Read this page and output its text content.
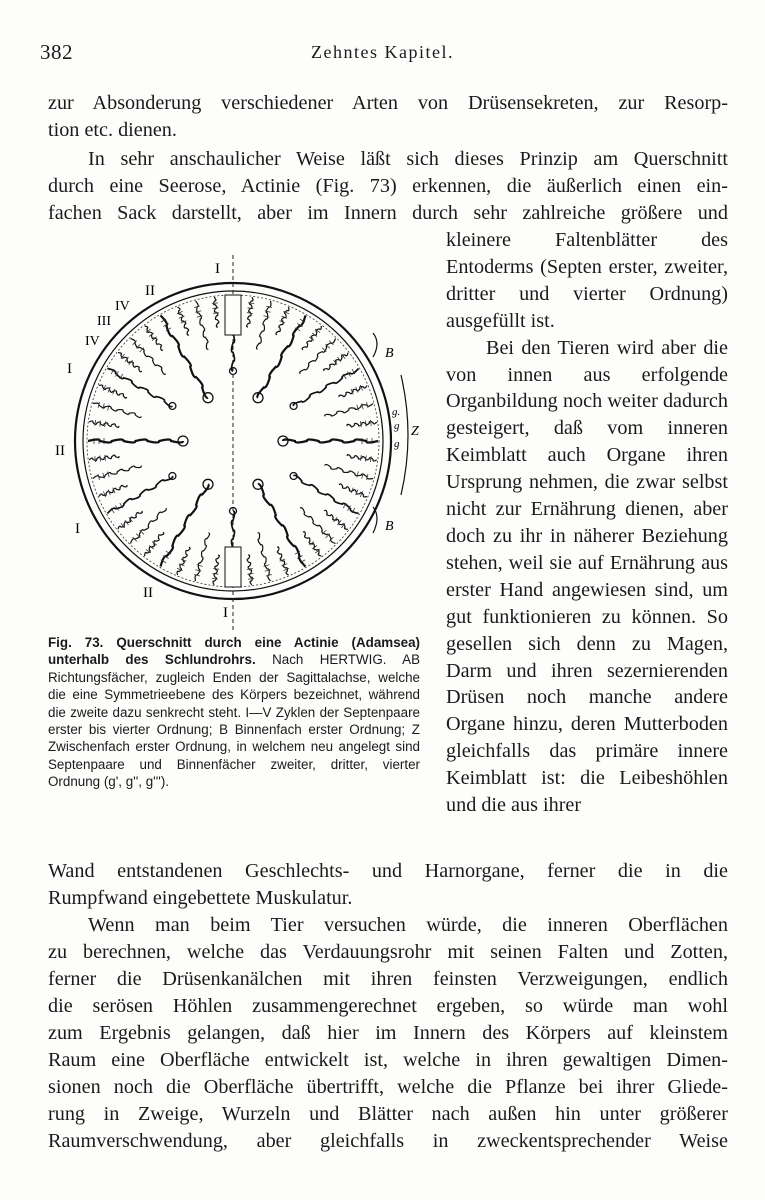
382	Zehntes Kapitel.
zur Absonderung verschiedener Arten von Drüsensekreten, zur Resorp-
tion etc. dienen.
In sehr anschaulicher Weise läßt sich dieses Prinzip am Querschnitt
durch eine Seerose, Actinie (Fig. 73) erkennen, die äußerlich einen ein-
fachen Sack darstellt, aber im Innern durch sehr zahlreiche größere und
I
II
IV
III
IV
I
II
I
II
I
B
B
Z
g.
g
g
Fig. 73. Querschnitt durch eine Actinie (Adamsea) unterhalb des Schlundrohrs. Nach HERTWIG. AB Richtungsfächer, zugleich Enden der Sagittalachse, welche die eine Symmetrieebene des Körpers bezeichnet, während die zweite dazu senkrecht steht. I—V Zyklen der Septenpaare erster bis vierter Ordnung; B Binnenfach erster Ordnung; Z Zwischenfach erster Ordnung, in welchem neu angelegt sind Septenpaare und Binnenfächer zweiter, dritter, vierter Ordnung (g', g'', g''').

kleinere Faltenblätter des Entoderms (Septen erster, zweiter, dritter und vierter Ordnung) ausgefüllt ist.

Bei den Tieren wird aber die von innen aus erfolgende Organbildung noch weiter dadurch gesteigert, daß vom inneren Keimblatt auch Organe ihren Ursprung nehmen, die zwar selbst nicht zur Ernährung dienen, aber doch zu ihr in näherer Beziehung stehen, weil sie auf Ernährung aus erster Hand angewiesen sind, um gut funktionieren zu können. So gesellen sich denn zu Magen, Darm und ihren sezernierenden Drüsen noch manche andere Organe hinzu, deren Mutterboden gleichfalls das primäre innere Keimblatt ist: die Leibeshöhlen und die aus ihrer

Wand entstandenen Geschlechts- und Harnorgane, ferner die in die
Rumpfwand eingebettete Muskulatur.
Wenn man beim Tier versuchen würde, die inneren Oberflächen
zu berechnen, welche das Verdauungsrohr mit seinen Falten und Zotten,
ferner die Drüsenkanälchen mit ihren feinsten Verzweigungen, endlich
die serösen Höhlen zusammengerechnet ergeben, so würde man wohl
zum Ergebnis gelangen, daß hier im Innern des Körpers auf kleinstem
Raum eine Oberfläche entwickelt ist, welche in ihren gewaltigen Dimen-
sionen noch die Oberfläche übertrifft, welche die Pflanze bei ihrer Gliede-
rung in Zweige, Wurzeln und Blätter nach außen hin unter größerer
Raumverschwendung, aber gleichfalls in zweckentsprechender Weise
